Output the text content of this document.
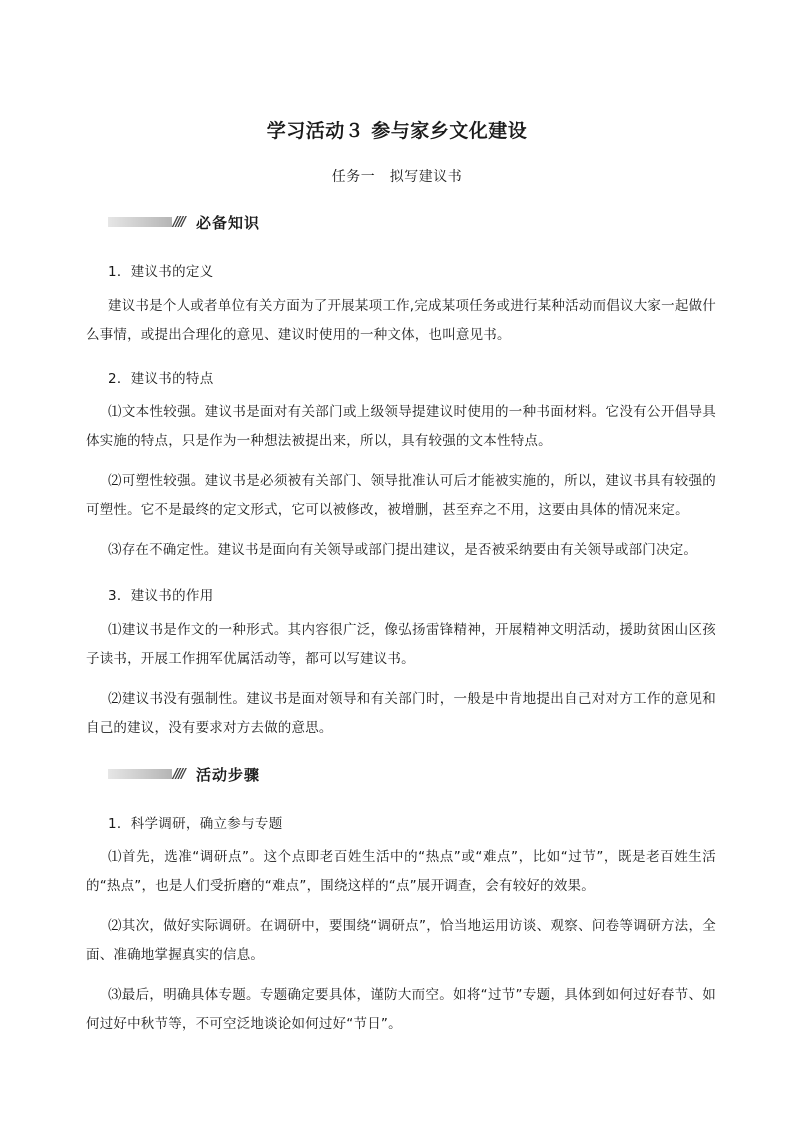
学习活动３ 参与家乡文化建设
任务一　拟写建议书
//// 必备知识
1．建议书的定义
建议书是个人或者单位有关方面为了开展某项工作,完成某项任务或进行某种活动而倡议大家一起做什么事情，或提出合理化的意见、建议时使用的一种文体，也叫意见书。
2．建议书的特点
⑴文本性较强。建议书是面对有关部门或上级领导提建议时使用的一种书面材料。它没有公开倡导具体实施的特点，只是作为一种想法被提出来，所以，具有较强的文本性特点。
⑵可塑性较强。建议书是必须被有关部门、领导批准认可后才能被实施的，所以，建议书具有较强的可塑性。它不是最终的定文形式，它可以被修改，被增删，甚至弃之不用，这要由具体的情况来定。
⑶存在不确定性。建议书是面向有关领导或部门提出建议，是否被采纳要由有关领导或部门决定。
3．建议书的作用
⑴建议书是作文的一种形式。其内容很广泛，像弘扬雷锋精神，开展精神文明活动，援助贫困山区孩子读书，开展工作拥军优属活动等，都可以写建议书。
⑵建议书没有强制性。建议书是面对领导和有关部门时，一般是中肯地提出自己对对方工作的意见和自己的建议，没有要求对方去做的意思。
//// 活动步骤
1．科学调研，确立参与专题
⑴首先，选准“调研点”。这个点即老百姓生活中的“热点”或“难点”，比如“过节”，既是老百姓生活的“热点”，也是人们受折磨的“难点”，围绕这样的“点”展开调查，会有较好的效果。
⑵其次，做好实际调研。在调研中，要围绕“调研点”，恰当地运用访谈、观察、问卷等调研方法，全面、准确地掌握真实的信息。
⑶最后，明确具体专题。专题确定要具体，谨防大而空。如将“过节”专题，具体到如何过好春节、如何过好中秋节等，不可空泛地谈论如何过好“节日”。
